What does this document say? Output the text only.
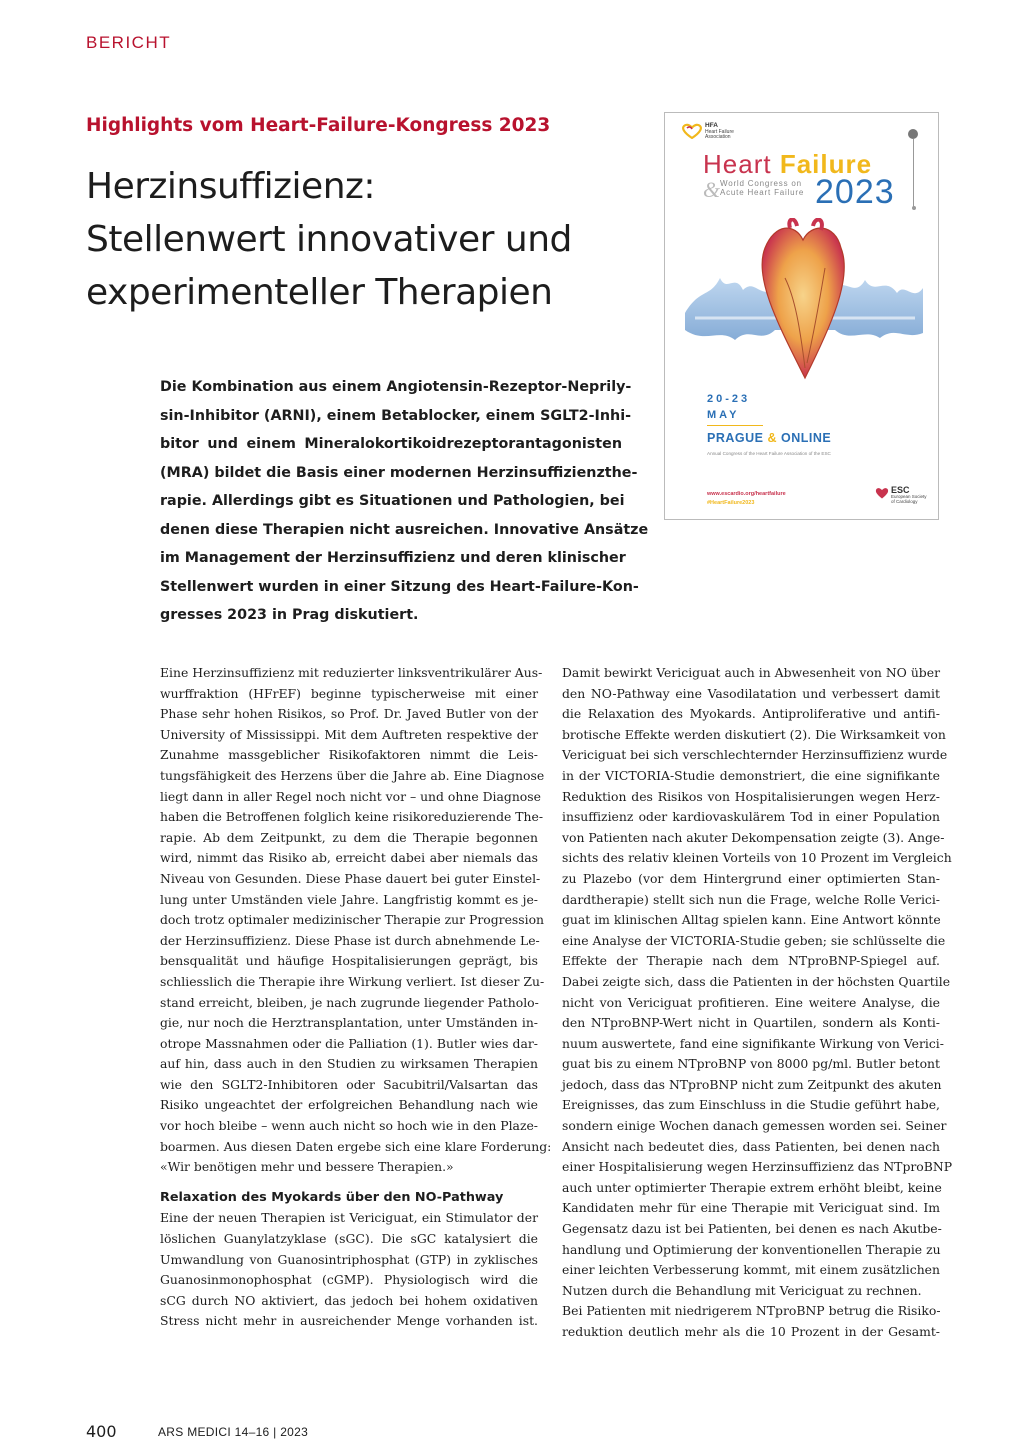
BERICHT
Highlights vom Heart-Failure-Kongress 2023
Herzinsuffizienz:
Stellenwert innovativer und
experimenteller Therapien
Die Kombination aus einem Angiotensin-Rezeptor-Neprily-
sin-Inhibitor (ARNI), einem Betablocker, einem SGLT2-Inhi-
bitor und einem Mineralokortikoidrezeptorantagonisten
(MRA) bildet die Basis einer modernen Herzinsuffizienzthe-
rapie. Allerdings gibt es Situationen und Pathologien, bei
denen diese Therapien nicht ausreichen. Innovative Ansätze
im Management der Herzinsuffizienz und deren klinischer
Stellenwert wurden in einer Sitzung des Heart-Failure-Kon-
gresses 2023 in Prag diskutiert.
HFA
Heart Failure
Association
Heart Failure
& World Congress on
Acute Heart Failure 2023
20-23
MAY
PRAGUE & ONLINE
Annual Congress of the Heart Failure Association of the ESC
www.escardio.org/heartfailure
#HeartFailure2023
ESC
European Society
of Cardiology
Eine Herzinsuffizienz mit reduzierter linksventrikulärer Aus-
wurffraktion (HFrEF) beginne typischerweise mit einer
Phase sehr hohen Risikos, so Prof. Dr. Javed Butler von der
University of Mississippi. Mit dem Auftreten respektive der
Zunahme massgeblicher Risikofaktoren nimmt die Leis-
tungsfähigkeit des Herzens über die Jahre ab. Eine Diagnose
liegt dann in aller Regel noch nicht vor – und ohne Diagnose
haben die Betroffenen folglich keine risikoreduzierende The-
rapie. Ab dem Zeitpunkt, zu dem die Therapie begonnen
wird, nimmt das Risiko ab, erreicht dabei aber niemals das
Niveau von Gesunden. Diese Phase dauert bei guter Einstel-
lung unter Umständen viele Jahre. Langfristig kommt es je-
doch trotz optimaler medizinischer Therapie zur Progression
der Herzinsuffizienz. Diese Phase ist durch abnehmende Le-
bensqualität und häufige Hospitalisierungen geprägt, bis
schliesslich die Therapie ihre Wirkung verliert. Ist dieser Zu-
stand erreicht, bleiben, je nach zugrunde liegender Patholo-
gie, nur noch die Herztransplantation, unter Umständen in-
otrope Massnahmen oder die Palliation (1). Butler wies dar-
auf hin, dass auch in den Studien zu wirksamen Therapien
wie den SGLT2-Inhibitoren oder Sacubitril/Valsartan das
Risiko ungeachtet der erfolgreichen Behandlung nach wie
vor hoch bleibe – wenn auch nicht so hoch wie in den Plaze-
boarmen. Aus diesen Daten ergebe sich eine klare Forderung:
«Wir benötigen mehr und bessere Therapien.»
Relaxation des Myokards über den NO-Pathway
Eine der neuen Therapien ist Vericiguat, ein Stimulator der
löslichen Guanylatzyklase (sGC). Die sGC katalysiert die
Umwandlung von Guanosintriphosphat (GTP) in zyklisches
Guanosinmonophosphat (cGMP). Physiologisch wird die
sCG durch NO aktiviert, das jedoch bei hohem oxidativen
Stress nicht mehr in ausreichender Menge vorhanden ist.
Damit bewirkt Vericiguat auch in Abwesenheit von NO über
den NO-Pathway eine Vasodilatation und verbessert damit
die Relaxation des Myokards. Antiproliferative und antifi-
brotische Effekte werden diskutiert (2). Die Wirksamkeit von
Vericiguat bei sich verschlechternder Herzinsuffizienz wurde
in der VICTORIA-Studie demonstriert, die eine signifikante
Reduktion des Risikos von Hospitalisierungen wegen Herz-
insuffizienz oder kardiovaskulärem Tod in einer Population
von Patienten nach akuter Dekompensation zeigte (3). Ange-
sichts des relativ kleinen Vorteils von 10 Prozent im Vergleich
zu Plazebo (vor dem Hintergrund einer optimierten Stan-
dardtherapie) stellt sich nun die Frage, welche Rolle Verici-
guat im klinischen Alltag spielen kann. Eine Antwort könnte
eine Analyse der VICTORIA-Studie geben; sie schlüsselte die
Effekte der Therapie nach dem NTproBNP-Spiegel auf.
Dabei zeigte sich, dass die Patienten in der höchsten Quartile
nicht von Vericiguat profitieren. Eine weitere Analyse, die
den NTproBNP-Wert nicht in Quartilen, sondern als Konti-
nuum auswertete, fand eine signifikante Wirkung von Verici-
guat bis zu einem NTproBNP von 8000 pg/ml. Butler betont
jedoch, dass das NTproBNP nicht zum Zeitpunkt des akuten
Ereignisses, das zum Einschluss in die Studie geführt habe,
sondern einige Wochen danach gemessen worden sei. Seiner
Ansicht nach bedeutet dies, dass Patienten, bei denen nach
einer Hospitalisierung wegen Herzinsuffizienz das NTproBNP
auch unter optimierter Therapie extrem erhöht bleibt, keine
Kandidaten mehr für eine Therapie mit Vericiguat sind. Im
Gegensatz dazu ist bei Patienten, bei denen es nach Akutbe-
handlung und Optimierung der konventionellen Therapie zu
einer leichten Verbesserung kommt, mit einem zusätzlichen
Nutzen durch die Behandlung mit Vericiguat zu rechnen.
Bei Patienten mit niedrigerem NTproBNP betrug die Risiko-
reduktion deutlich mehr als die 10 Prozent in der Gesamt-
400	ARS MEDICI 14–16 | 2023
